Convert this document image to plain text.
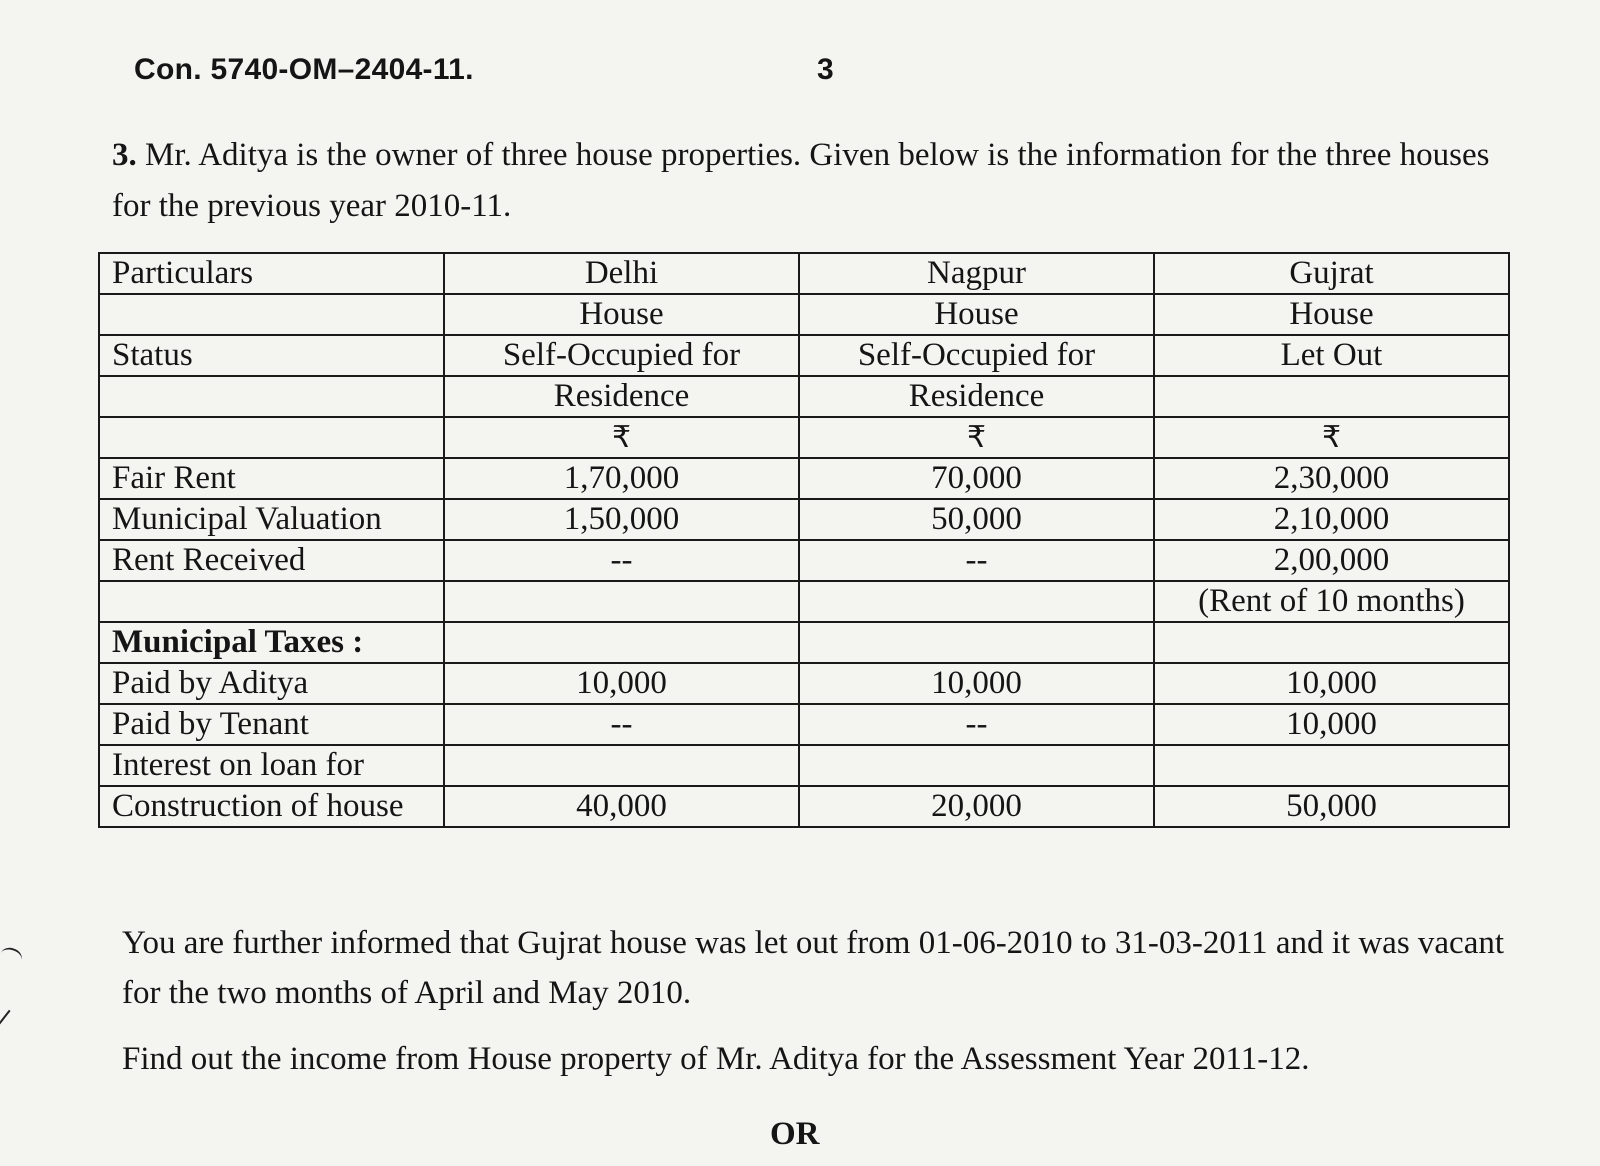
Con. 5740-OM–2404-11.	3

3. Mr. Aditya is the owner of three house properties. Given below is the information for the three houses for the previous year 2010-11.

Particulars	Delhi	Nagpur	Gujrat
	House	House	House
Status	Self-Occupied for	Self-Occupied for	Let Out
	Residence	Residence	
	₹	₹	₹
Fair Rent	1,70,000	70,000	2,30,000
Municipal Valuation	1,50,000	50,000	2,10,000
Rent Received	--	--	2,00,000
			(Rent of 10 months)
Municipal Taxes :			
Paid by Aditya	10,000	10,000	10,000
Paid by Tenant	--	--	10,000
Interest on loan for			
Construction of house	40,000	20,000	50,000

You are further informed that Gujrat house was let out from 01-06-2010 to 31-03-2011 and it was vacant for the two months of April and May 2010.

Find out the income from House property of Mr. Aditya for the Assessment Year 2011-12.

OR
